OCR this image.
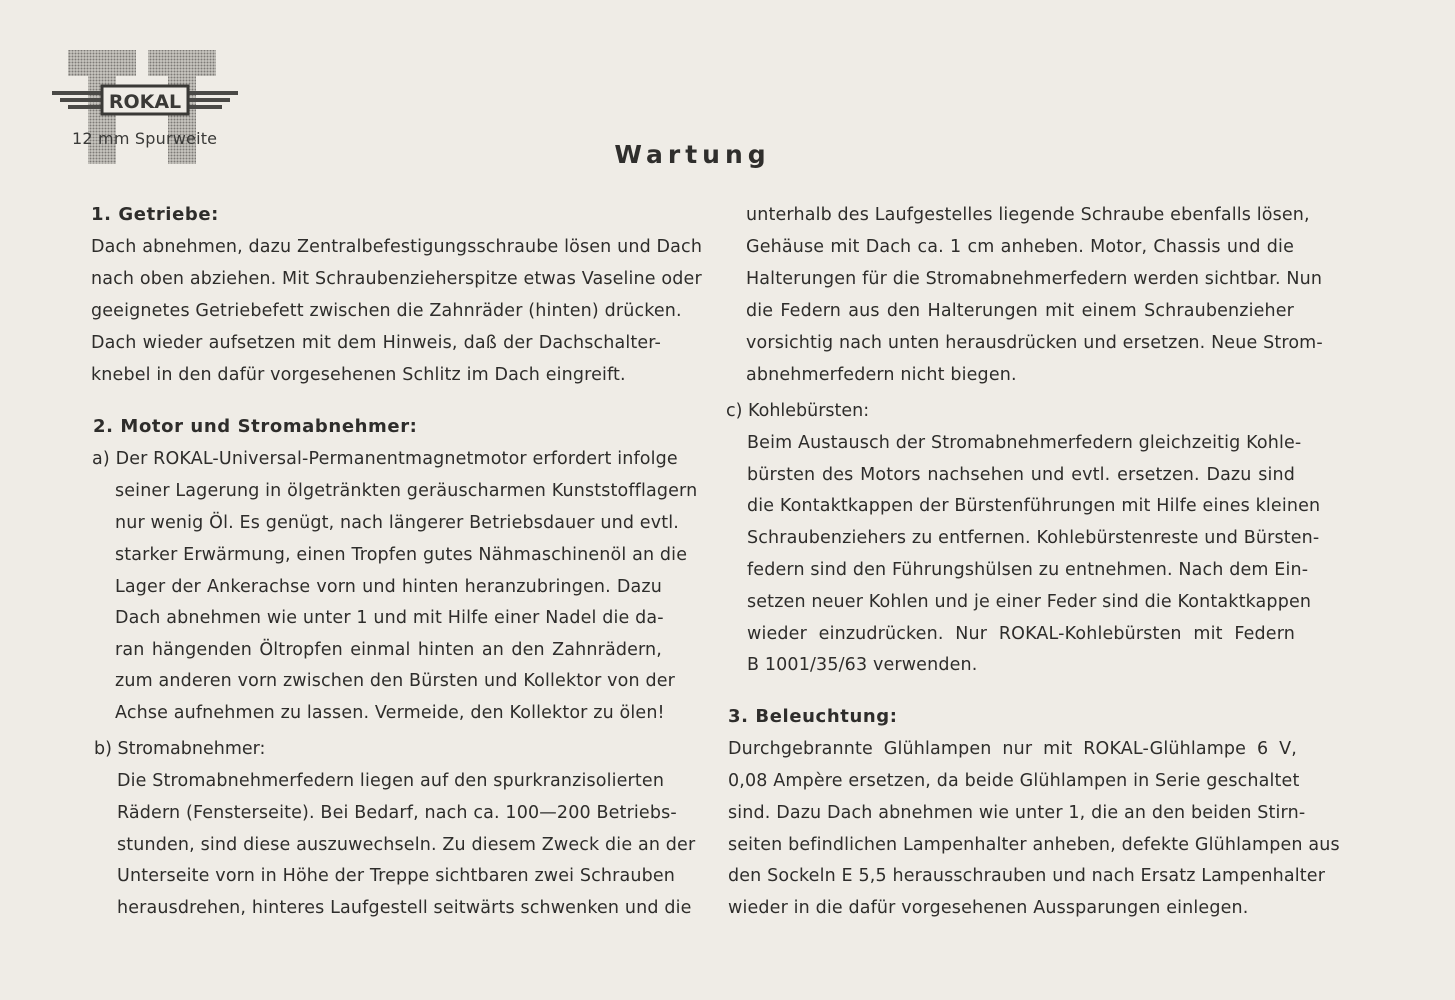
ROKAL
12 mm Spurweite
Wartung
1. Getriebe:
Dach abnehmen, dazu Zentralbefestigungsschraube lösen und Dach
nach oben abziehen. Mit Schraubenzieherspitze etwas Vaseline oder
geeignetes Getriebefett zwischen die Zahnräder (hinten) drücken.
Dach wieder aufsetzen mit dem Hinweis, daß der Dachschalter-
knebel in den dafür vorgesehenen Schlitz im Dach eingreift.
2. Motor und Stromabnehmer:
a) Der ROKAL-Universal-Permanentmagnetmotor erfordert infolge
seiner Lagerung in ölgetränkten geräuscharmen Kunststofflagern
nur wenig Öl. Es genügt, nach längerer Betriebsdauer und evtl.
starker Erwärmung, einen Tropfen gutes Nähmaschinenöl an die
Lager der Ankerachse vorn und hinten heranzubringen. Dazu
Dach abnehmen wie unter 1 und mit Hilfe einer Nadel die da-
ran hängenden Öltropfen einmal hinten an den Zahnrädern,
zum anderen vorn zwischen den Bürsten und Kollektor von der
Achse aufnehmen zu lassen. Vermeide, den Kollektor zu ölen!
b) Stromabnehmer:
Die Stromabnehmerfedern liegen auf den spurkranzisolierten
Rädern (Fensterseite). Bei Bedarf, nach ca. 100—200 Betriebs-
stunden, sind diese auszuwechseln. Zu diesem Zweck die an der
Unterseite vorn in Höhe der Treppe sichtbaren zwei Schrauben
herausdrehen, hinteres Laufgestell seitwärts schwenken und die
unterhalb des Laufgestelles liegende Schraube ebenfalls lösen,
Gehäuse mit Dach ca. 1 cm anheben. Motor, Chassis und die
Halterungen für die Stromabnehmerfedern werden sichtbar. Nun
die Federn aus den Halterungen mit einem Schraubenzieher
vorsichtig nach unten herausdrücken und ersetzen. Neue Strom-
abnehmerfedern nicht biegen.
c) Kohlebürsten:
Beim Austausch der Stromabnehmerfedern gleichzeitig Kohle-
bürsten des Motors nachsehen und evtl. ersetzen. Dazu sind
die Kontaktkappen der Bürstenführungen mit Hilfe eines kleinen
Schraubenziehers zu entfernen. Kohlebürstenreste und Bürsten-
federn sind den Führungshülsen zu entnehmen. Nach dem Ein-
setzen neuer Kohlen und je einer Feder sind die Kontaktkappen
wieder einzudrücken. Nur ROKAL-Kohlebürsten mit Federn
B 1001/35/63 verwenden.
3. Beleuchtung:
Durchgebrannte Glühlampen nur mit ROKAL-Glühlampe 6 V,
0,08 Ampère ersetzen, da beide Glühlampen in Serie geschaltet
sind. Dazu Dach abnehmen wie unter 1, die an den beiden Stirn-
seiten befindlichen Lampenhalter anheben, defekte Glühlampen aus
den Sockeln E 5,5 herausschrauben und nach Ersatz Lampenhalter
wieder in die dafür vorgesehenen Aussparungen einlegen.
